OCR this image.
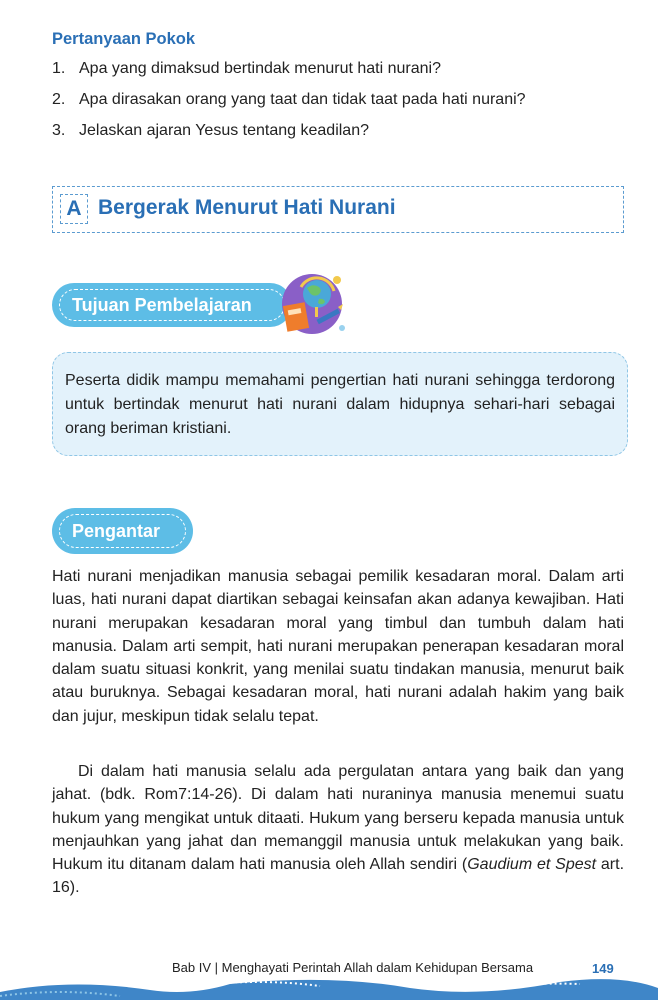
Pertanyaan Pokok
1. Apa yang dimaksud bertindak menurut hati nurani?
2. Apa dirasakan orang yang taat dan tidak taat pada hati nurani?
3. Jelaskan ajaran Yesus tentang keadilan?
A Bergerak Menurut Hati Nurani
Tujuan Pembelajaran
Peserta didik mampu memahami pengertian hati nurani sehingga terdorong untuk bertindak menurut hati nurani dalam hidupnya sehari-hari sebagai orang beriman kristiani.
Pengantar

Hati nurani menjadikan manusia sebagai pemilik kesadaran moral. Dalam arti luas, hati nurani dapat diartikan sebagai keinsafan akan adanya kewajiban. Hati nurani merupakan kesadaran moral yang timbul dan tumbuh dalam hati manusia. Dalam arti sempit, hati nurani merupakan penerapan kesadaran moral dalam suatu situasi konkrit, yang menilai suatu tindakan manusia, menurut baik atau buruknya. Sebagai kesadaran moral, hati nurani adalah hakim yang baik dan jujur, meskipun tidak selalu tepat.

Di dalam hati manusia selalu ada pergulatan antara yang baik dan yang jahat. (bdk. Rom7:14-26). Di dalam hati nuraninya manusia menemui suatu hukum yang mengikat untuk ditaati. Hukum yang berseru kepada manusia untuk menjauhkan yang jahat dan memanggil manusia untuk melakukan yang baik. Hukum itu ditanam dalam hati manusia oleh Allah sendiri (Gaudium et Spest art. 16).

Bab IV | Menghayati Perintah Allah dalam Kehidupan Bersama	149
